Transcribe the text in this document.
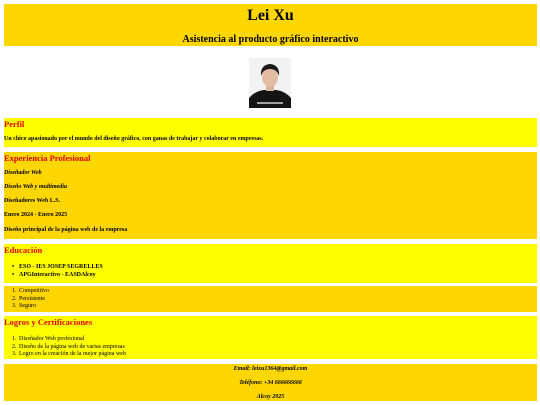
Lei Xu
Asistencia al producto gráfico interactivo

Perfil

Un chico apasionado por el mundo del diseño gráfico, con ganas de trabajar y colaborar en empresas.

Experiencia Profesional

Diseñador Web

Diseño Web y multimedia

Diseñadores Web L.S.

Enero 2024 - Enero 2025

Diseño principal de la página web de la empresa

Educación

• ESO - IES JOSEP SEGRELLES
• APGInteractivo - EASDAlcoy
1. Competitivo
2. Persistente
3. Seguro

Logros y Certificaciones

1. Diseñador Web profesional
2. Diseño de la página web de varias empresas
3. Logro en la creación de la mejor página web

Email: leixu1364@gmail.com

Teléfono: +34 666666666

Alcoy 2025
